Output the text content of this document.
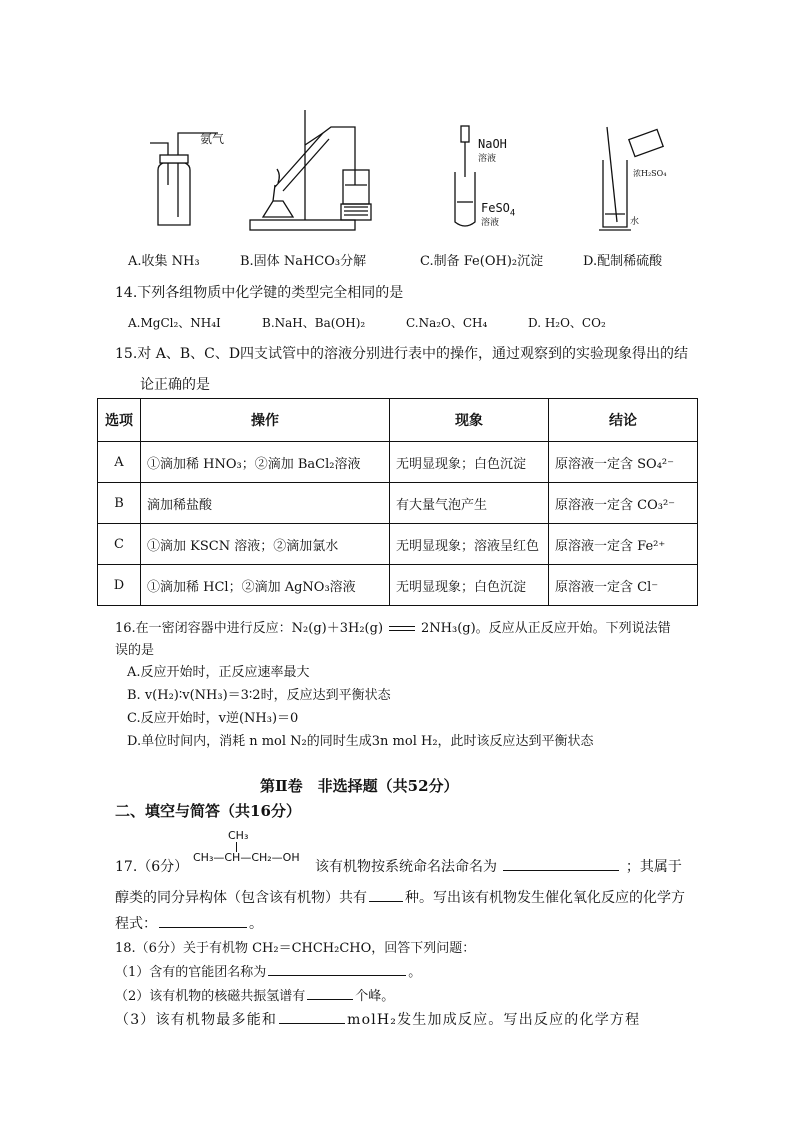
氨气	NaOH
溶液
FeSO$_4$
溶液
浓H₂SO₄
水
A.收集 NH₃	B.固体 NaHCO₃分解	C.制备 Fe(OH)₂沉淀	D.配制稀硫酸
14.下列各组物质中化学键的类型完全相同的是
A.MgCl₂、NH₄I	B.NaH、Ba(OH)₂	C.Na₂O、CH₄	D. H₂O、CO₂
15.对 A、B、C、D四支试管中的溶液分别进行表中的操作，通过观察到的实验现象得出的结
论正确的是
选项	操作	现象	结论
A	①滴加稀 HNO₃；②滴加 BaCl₂溶液	无明显现象；白色沉淀	原溶液一定含 SO₄²⁻
B	滴加稀盐酸	有大量气泡产生	原溶液一定含 CO₃²⁻
C	①滴加 KSCN 溶液；②滴加氯水	无明显现象；溶液呈红色	原溶液一定含 Fe²⁺
D	①滴加稀 HCl；②滴加 AgNO₃溶液	无明显现象；白色沉淀	原溶液一定含 Cl⁻
16.在一密闭容器中进行反应：N₂(g)＋3H₂(g)	2NH₃(g)。反应从正反应开始。下列说法错
误的是
A.反应开始时，正反应速率最大
B. v(H₂)∶v(NH₃)＝3∶2时，反应达到平衡状态
C.反应开始时，v逆(NH₃)＝0
D.单位时间内，消耗 n mol N₂的同时生成3n mol H₂，此时该反应达到平衡状态
第Ⅱ卷　非选择题（共52分）
二、填空与简答（共16分）
CH₃
CH₃—CH—CH₂—OH
17.（6分）	该有机物按系统命名法命名为	；其属于
醇类的同分异构体（包含该有机物）共有	种。写出该有机物发生催化氧化反应的化学方
程式：	。
18.（6分）关于有机物 CH₂＝CHCH₂CHO，回答下列问题：
（1）含有的官能团名称为	。
（2）该有机物的核磁共振氢谱有	个峰。
（3）该有机物最多能和	molH₂发生加成反应。写出反应的化学方程
